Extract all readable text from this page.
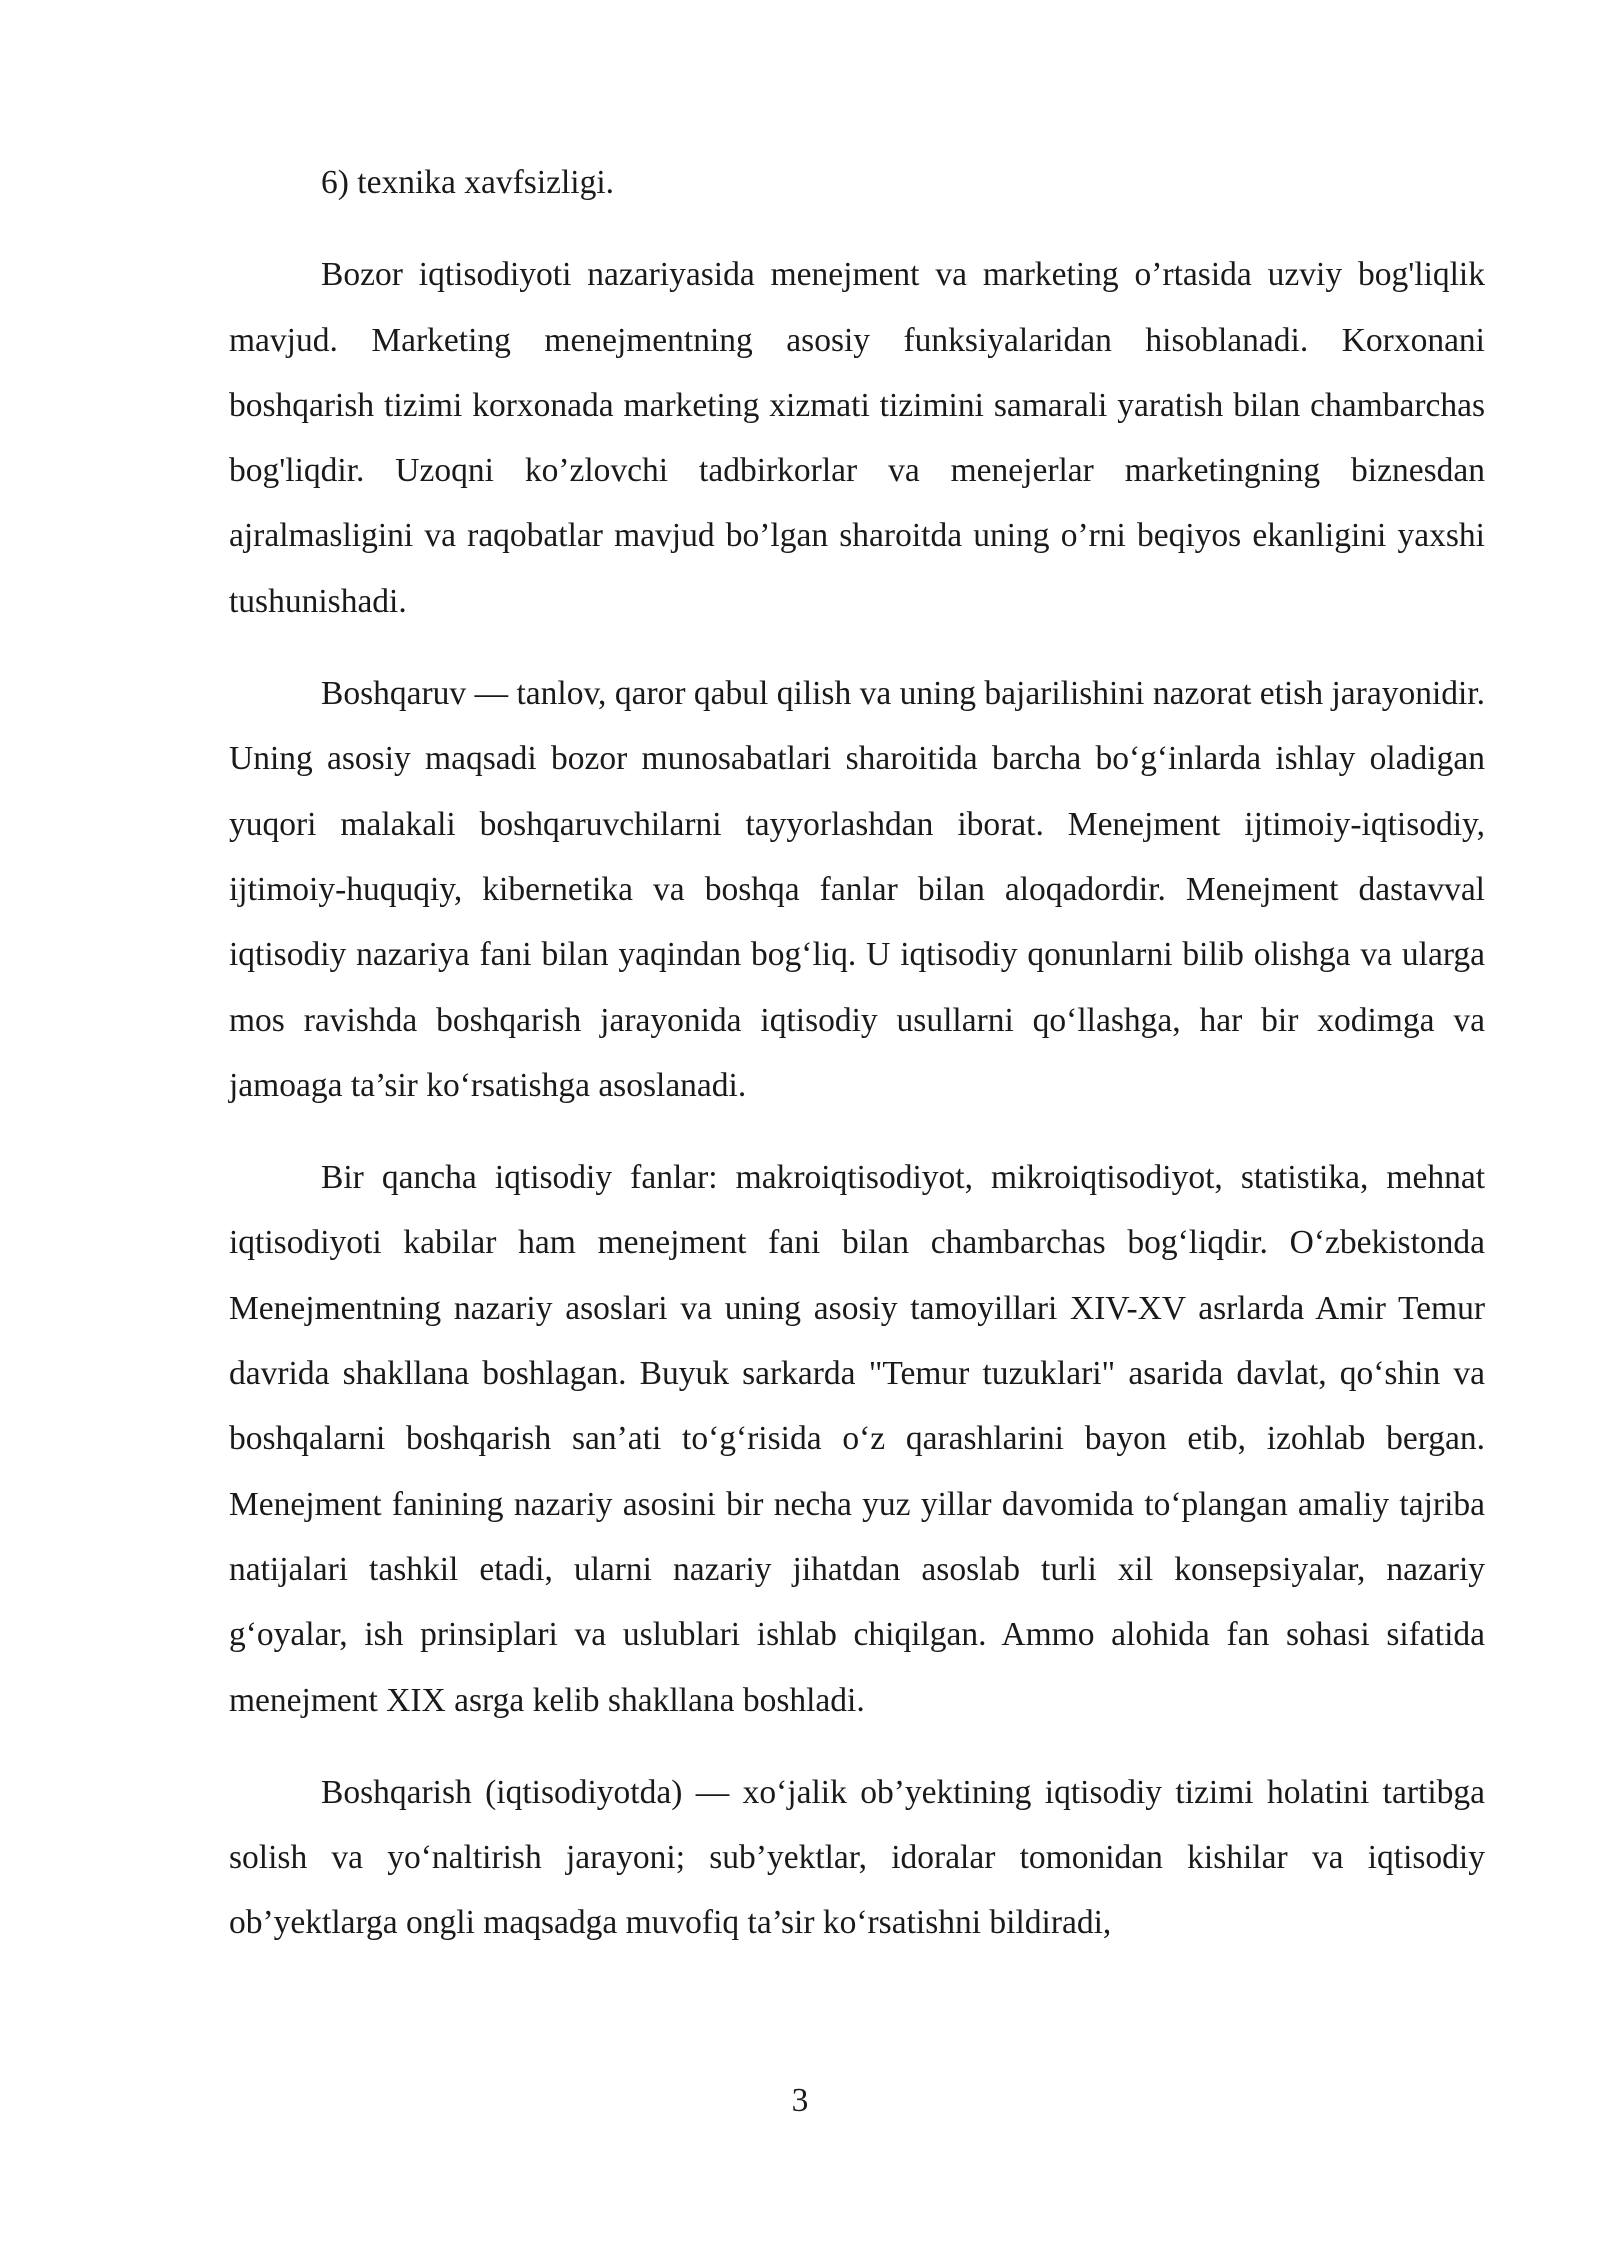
6) texnika xavfsizligi.

Bozor iqtisodiyoti nazariyasida menejment va marketing o’rtasida uzviy bog'liqlik mavjud. Marketing menejmentning asosiy funksiyalaridan hisoblanadi. Korxonani boshqarish tizimi korxonada marketing xizmati tizimini samarali yaratish bilan chambarchas bog'liqdir. Uzoqni ko’zlovchi tadbirkorlar va menejerlar marketingning biznesdan ajralmasligini va raqobatlar mavjud bo’lgan sharoitda uning o’rni beqiyos ekanligini yaxshi tushunishadi.

Boshqaruv — tanlov, qaror qabul qilish va uning bajarilishini nazorat etish jarayonidir. Uning asosiy maqsadi bozor munosabatlari sharoitida barcha bo‘g‘inlarda ishlay oladigan yuqori malakali boshqaruvchilarni tayyorlashdan iborat. Menejment ijtimoiy-iqtisodiy, ijtimoiy-huquqiy, kibernetika va boshqa fanlar bilan aloqadordir. Menejment dastavval iqtisodiy nazariya fani bilan yaqindan bog‘liq. U iqtisodiy qonunlarni bilib olishga va ularga mos ravishda boshqarish jarayonida iqtisodiy usullarni qo‘llashga, har bir xodimga va jamoaga ta’sir ko‘rsatishga asoslanadi.

Bir qancha iqtisodiy fanlar: makroiqtisodiyot, mikroiqtisodiyot, statistika, mehnat iqtisodiyoti kabilar ham menejment fani bilan chambarchas bog‘liqdir. O‘zbekistonda Menejmentning nazariy asoslari va uning asosiy tamoyillari XIV-XV asrlarda Amir Temur davrida shakllana boshlagan. Buyuk sarkarda "Temur tuzuklari" asarida davlat, qo‘shin va boshqalarni boshqarish san’ati to‘g‘risida o‘z qarashlarini bayon etib, izohlab bergan. Menejment fanining nazariy asosini bir necha yuz yillar davomida to‘plangan amaliy tajriba natijalari tashkil etadi, ularni nazariy jihatdan asoslab turli xil konsepsiyalar, nazariy g‘oyalar, ish prinsiplari va uslublari ishlab chiqilgan. Ammo alohida fan sohasi sifatida menejment XIX asrga kelib shakllana boshladi.

Boshqarish (iqtisodiyotda) — xo‘jalik ob’yektining iqtisodiy tizimi holatini tartibga solish va yo‘naltirish jarayoni; sub’yektlar, idoralar tomonidan kishilar va iqtisodiy ob’yektlarga ongli maqsadga muvofiq ta’sir ko‘rsatishni bildiradi,

3
